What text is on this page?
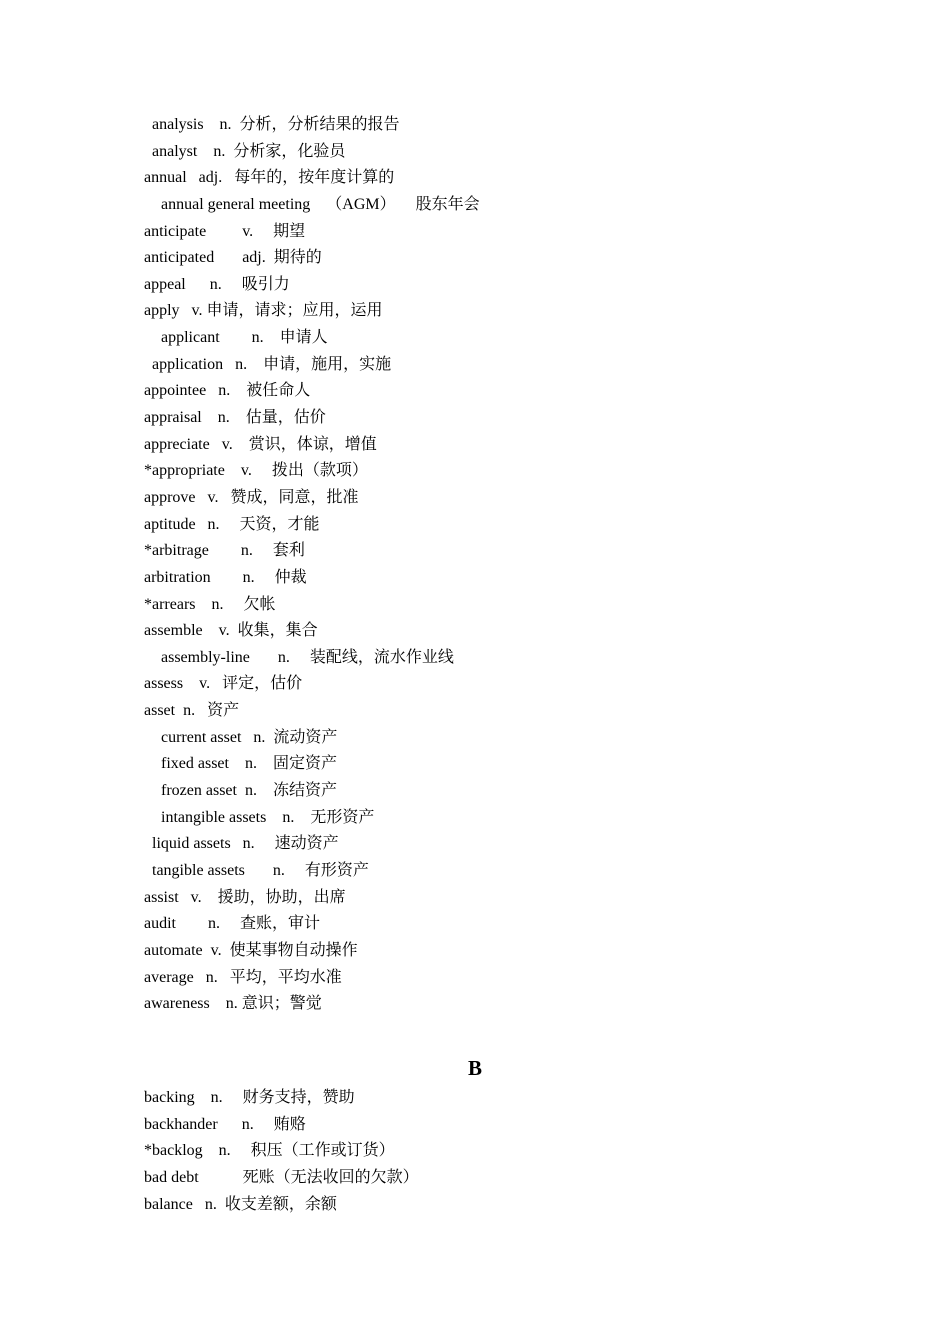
analysis    n.  分析，分析结果的报告
analyst    n.  分析家，化验员
annual   adj.   每年的，按年度计算的
annual general meeting    （AGM）     股东年会
anticipate         v.     期望
anticipated       adj.  期待的
appeal      n.     吸引力
apply   v. 申请，请求；应用，运用
applicant        n.    申请人
application   n.    申请，施用，实施
appointee   n.    被任命人
appraisal    n.    估量，估价
appreciate   v.    赏识，体谅，增值
*appropriate    v.     拨出（款项）
approve   v.   赞成，同意，批准
aptitude   n.     天资，才能
*arbitrage        n.     套利
arbitration        n.     仲裁
*arrears    n.     欠帐
assemble    v.  收集，集合
assembly-line       n.     装配线，流水作业线
assess    v.   评定，估价
asset  n.   资产
current asset   n.  流动资产
fixed asset    n.    固定资产
frozen asset  n.    冻结资产
intangible assets    n.    无形资产
liquid assets   n.     速动资产
tangible assets       n.     有形资产
assist   v.    援助，协助，出席
audit        n.     查账，审计
automate  v.  使某事物自动操作
average   n.   平均，平均水准
awareness    n. 意识；警觉
B
backing    n.     财务支持，赞助
backhander      n.     贿赂
*backlog    n.     积压（工作或订货）
bad debt           死账（无法收回的欠款）
balance   n.  收支差额，余额
